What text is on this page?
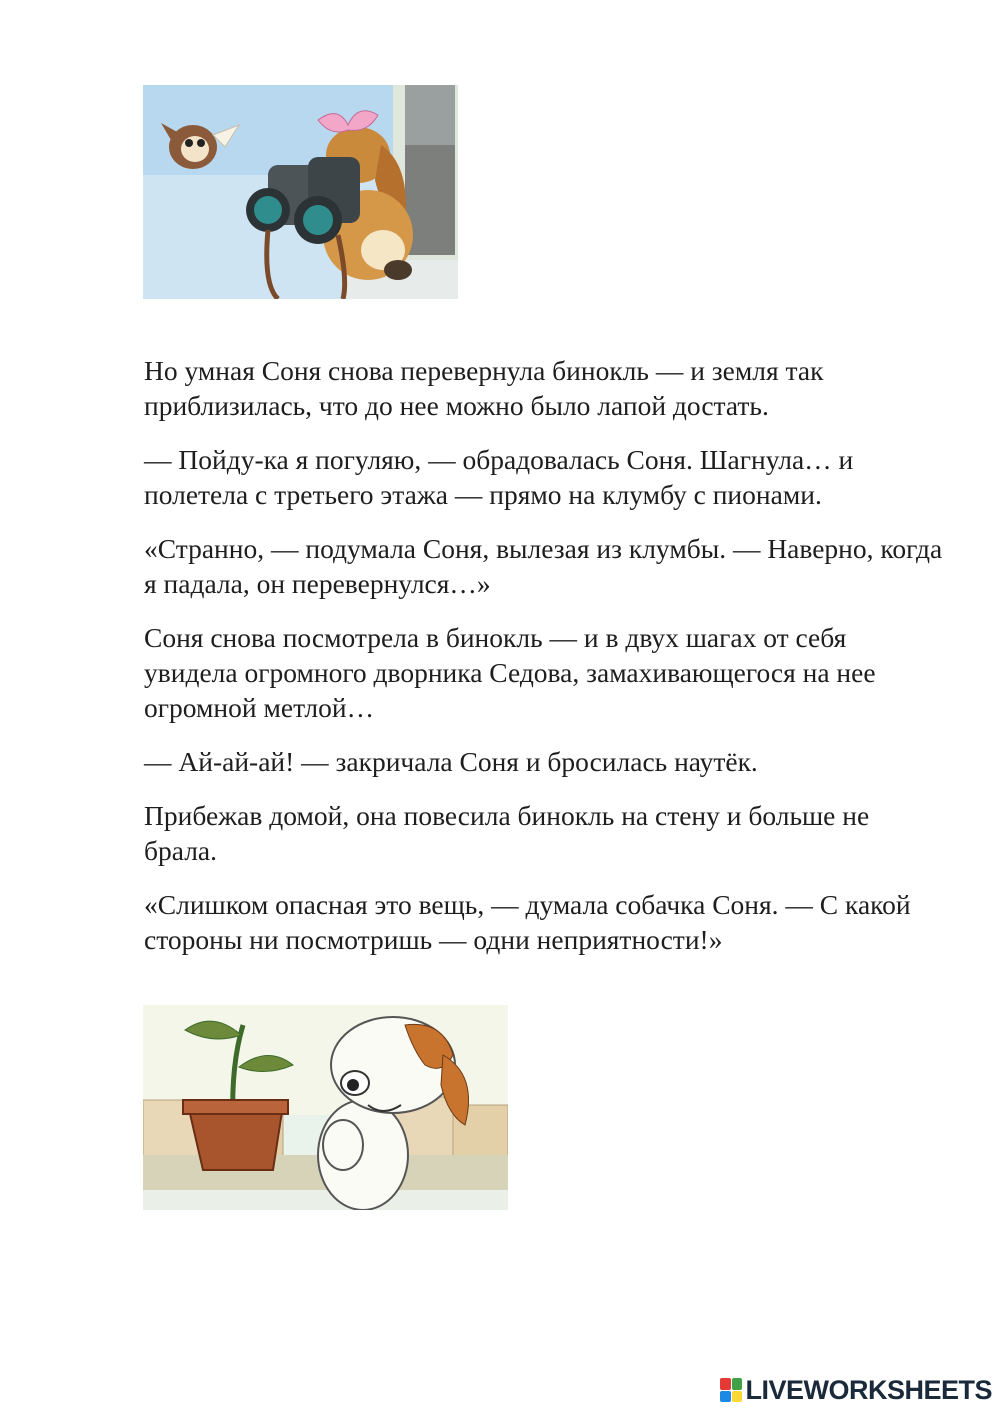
Но умная Соня снова перевернула бинокль — и земля так приблизилась, что до нее можно было лапой достать.

— Пойду-ка я погуляю, — обрадовалась Соня. Шагнула… и полетела с третьего этажа — прямо на клумбу с пионами.

«Странно, — подумала Соня, вылезая из клумбы. — Наверно, когда я падала, он перевернулся…»

Соня снова посмотрела в бинокль — и в двух шагах от себя увидела огромного дворника Седова, замахивающегося на нее огромной метлой…

— Ай-ай-ай! — закричала Соня и бросилась наутёк.

Прибежав домой, она повесила бинокль на стену и больше не брала.

«Слишком опасная это вещь, — думала собачка Соня. — С какой стороны ни посмотришь — одни неприятности!»

LIVEWORKSHEETS
